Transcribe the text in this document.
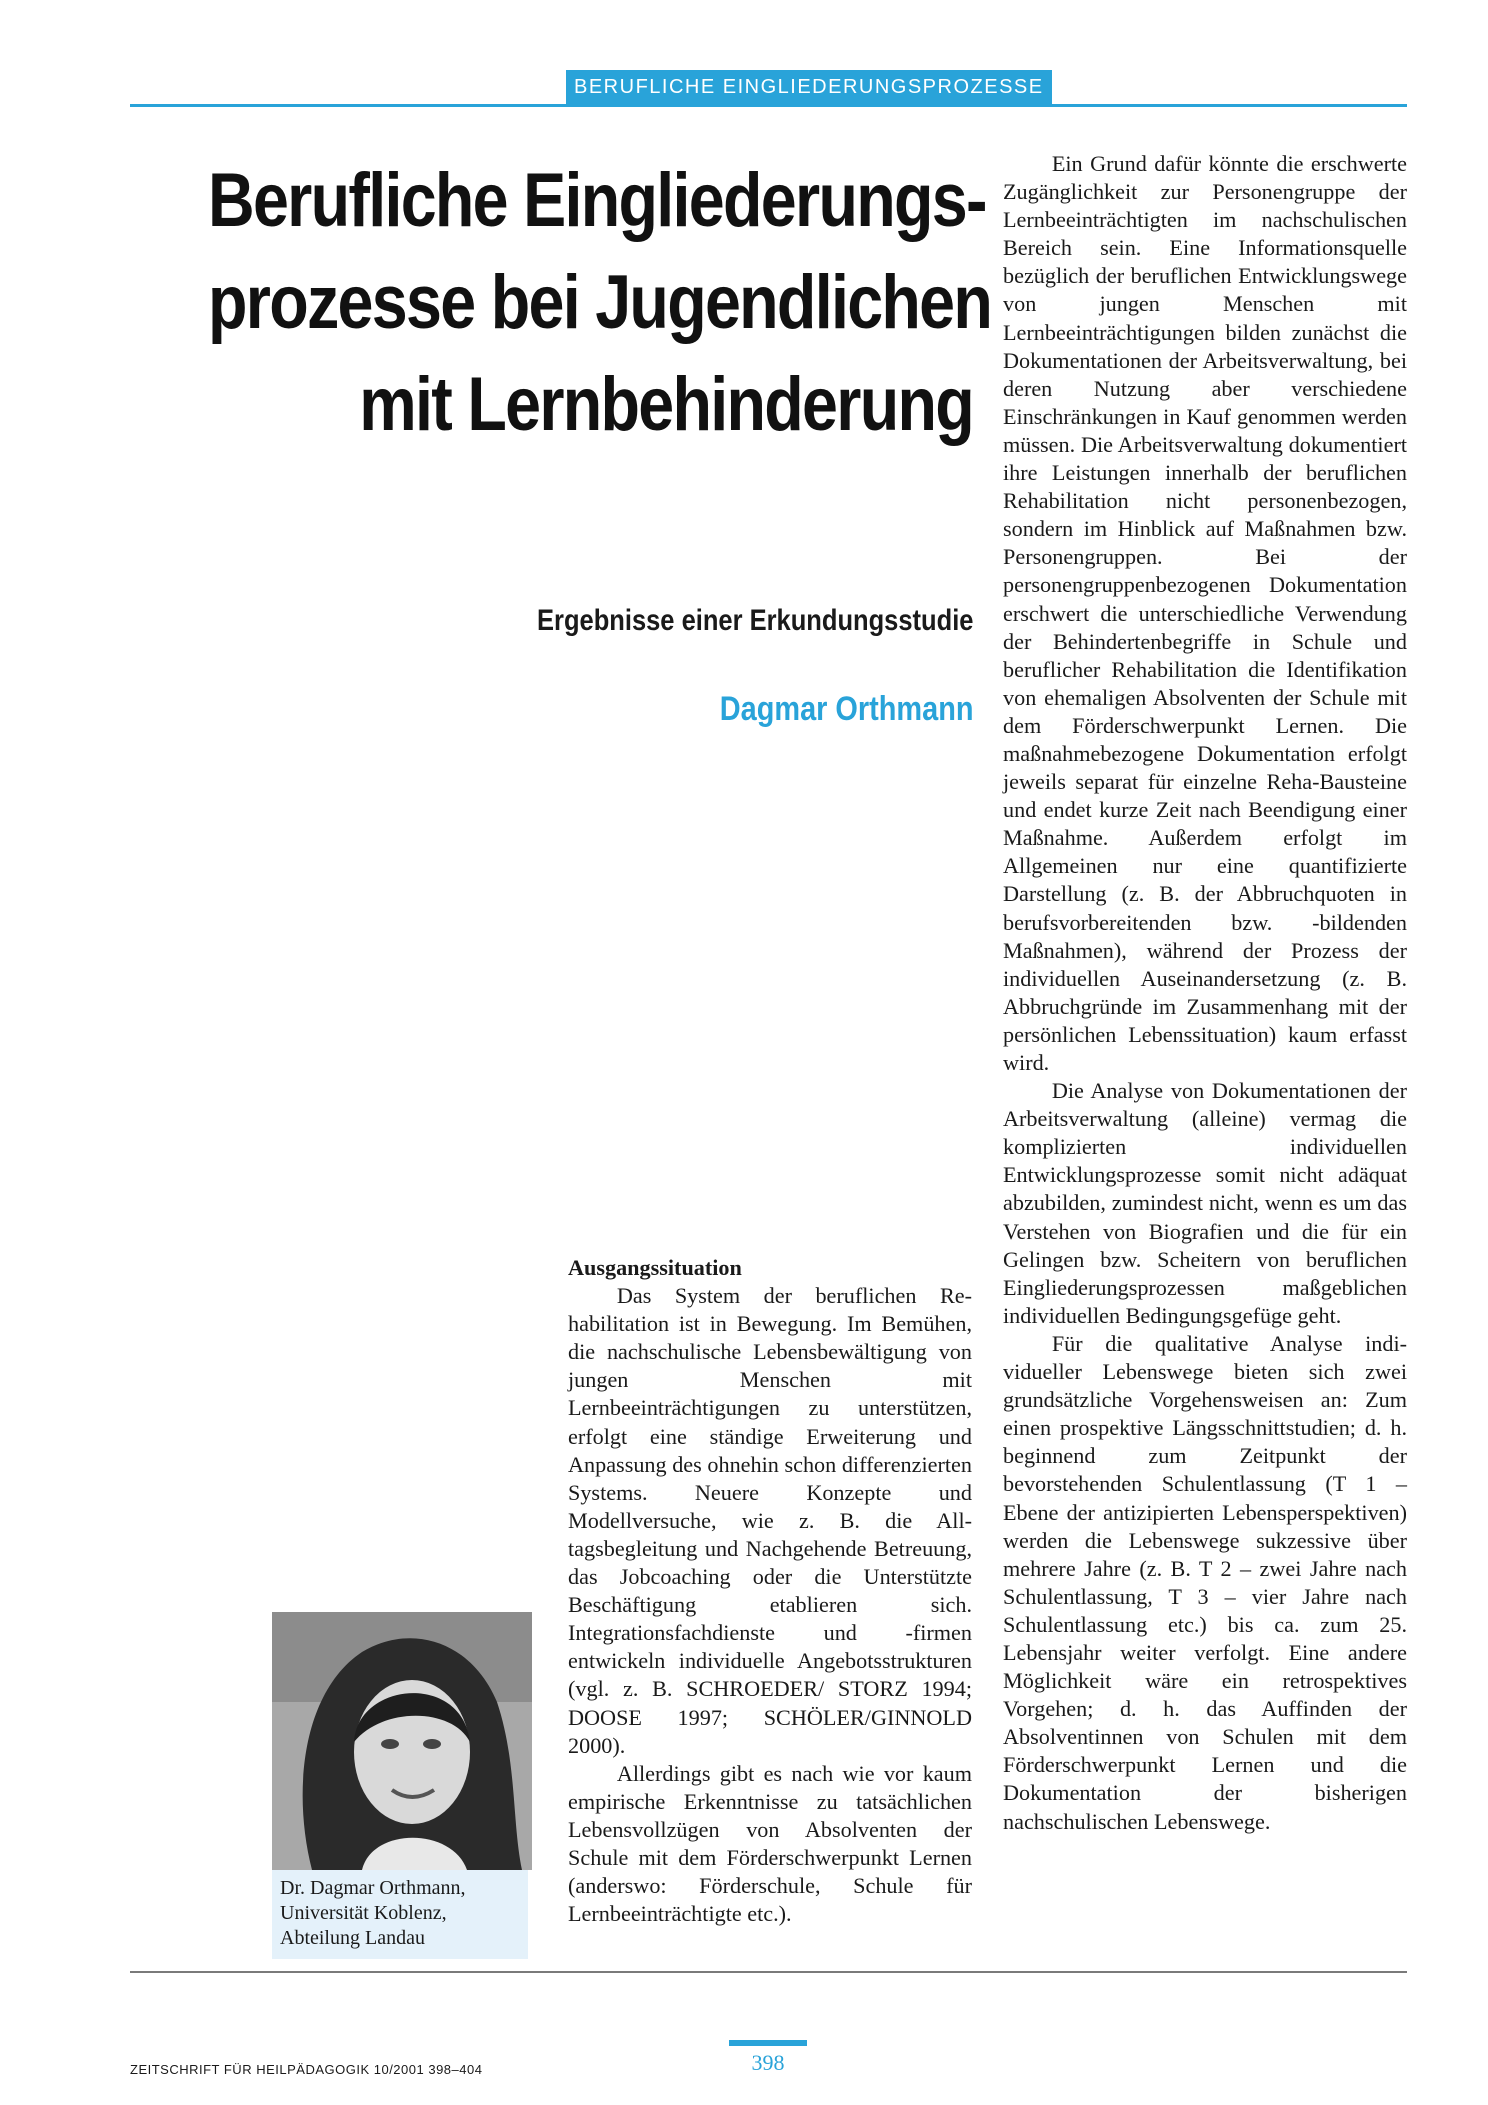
BERUFLICHE EINGLIEDERUNGSPROZESSE
Berufliche Eingliederungs-
prozesse bei Jugendlichen
mit Lernbehinderung
Ergebnisse einer Erkundungsstudie
Dagmar Orthmann
Dr. Dagmar Orthmann,
Universität Koblenz,
Abteilung Landau
Ausgangssituation

Das System der beruflichen Rehabilitation ist in Bewegung. Im Bemühen, die nachschulische Lebensbewältigung von jungen Menschen mit Lernbeeinträchtigungen zu unterstützen, erfolgt eine ständige Erweiterung und Anpassung des ohnehin schon differenzierten Systems. Neuere Konzepte und Modellversuche, wie z. B. die Alltagsbegleitung und Nachgehende Betreuung, das Jobcoaching oder die Unterstützte Beschäftigung etablieren sich. Integrationsfachdienste und -firmen entwickeln individuelle Angebotsstrukturen (vgl. z. B. SCHROEDER/ STORZ 1994; DOOSE 1997; SCHÖLER/GINNOLD 2000).

Allerdings gibt es nach wie vor kaum empirische Erkenntnisse zu tatsächlichen Lebensvollzügen von Absolventen der Schule mit dem Förderschwerpunkt Lernen (anderswo: Förderschule, Schule für Lernbeeinträchtigte etc.).

Ein Grund dafür könnte die erschwerte Zugänglichkeit zur Personengruppe der Lernbeeinträchtigten im nachschulischen Bereich sein. Eine Informationsquelle bezüglich der beruflichen Entwicklungswege von jungen Menschen mit Lernbeeinträchtigungen bilden zunächst die Dokumentationen der Arbeitsverwaltung, bei deren Nutzung aber verschiedene Einschränkungen in Kauf genommen werden müssen. Die Arbeitsverwaltung dokumentiert ihre Leistungen innerhalb der beruflichen Rehabilitation nicht personenbezogen, sondern im Hinblick auf Maßnahmen bzw. Personengruppen. Bei der personengruppenbezogenen Dokumentation erschwert die unterschiedliche Verwendung der Behindertenbegriffe in Schule und beruflicher Rehabilitation die Identifikation von ehemaligen Absolventen der Schule mit dem Förderschwerpunkt Lernen. Die maßnahmebezogene Dokumentation erfolgt jeweils separat für einzelne Reha-Bausteine und endet kurze Zeit nach Beendigung einer Maßnahme. Außerdem erfolgt im Allgemeinen nur eine quantifizierte Darstellung (z. B. der Abbruchquoten in berufsvorbereitenden bzw. -bildenden Maßnahmen), während der Prozess der individuellen Auseinandersetzung (z. B. Abbruchgründe im Zusammenhang mit der persönlichen Lebenssituation) kaum erfasst wird.

Die Analyse von Dokumentationen der Arbeitsverwaltung (alleine) vermag die komplizierten individuellen Entwicklungsprozesse somit nicht adäquat abzubilden, zumindest nicht, wenn es um das Verstehen von Biografien und die für ein Gelingen bzw. Scheitern von beruflichen Eingliederungsprozessen maßgeblichen individuellen Bedingungsgefüge geht.

Für die qualitative Analyse individueller Lebenswege bieten sich zwei grundsätzliche Vorgehensweisen an: Zum einen prospektive Längsschnittstudien; d. h. beginnend zum Zeitpunkt der bevorstehenden Schulentlassung (T 1 – Ebene der antizipierten Lebensperspektiven) werden die Lebenswege sukzessive über mehrere Jahre (z. B. T 2 – zwei Jahre nach Schulentlassung, T 3 – vier Jahre nach Schulentlassung etc.) bis ca. zum 25. Lebensjahr weiter verfolgt. Eine andere Möglichkeit wäre ein retrospektives Vorgehen; d. h. das Auffinden der Absolventinnen von Schulen mit dem Förderschwerpunkt Lernen und die Dokumentation der bisherigen nachschulischen Lebenswege.

ZEITSCHRIFT FÜR HEILPÄDAGOGIK 10/2001 398–404	398
